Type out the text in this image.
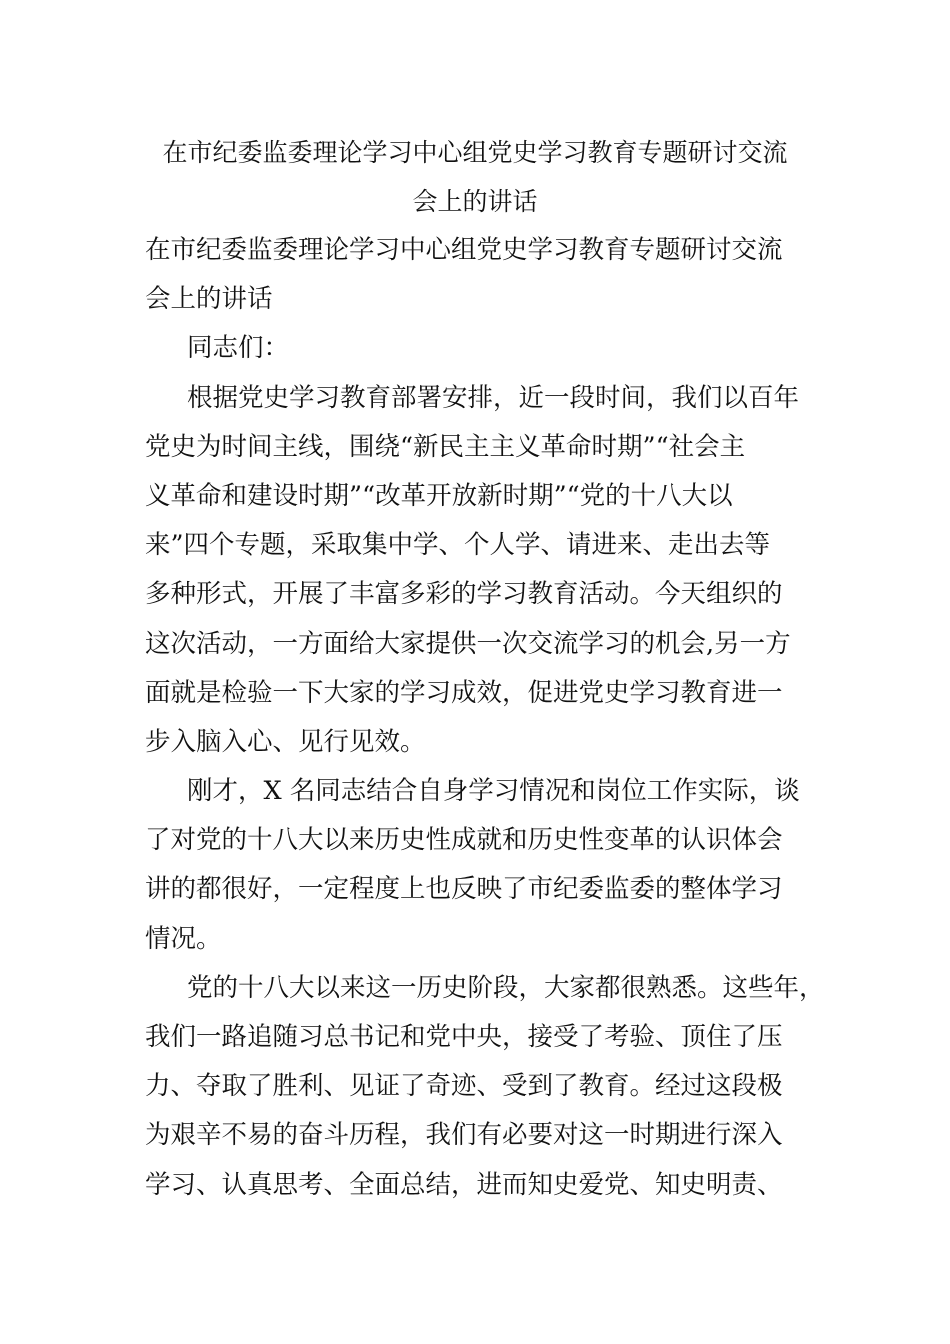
在市纪委监委理论学习中心组党史学习教育专题研讨交流
会上的讲话
在市纪委监委理论学习中心组党史学习教育专题研讨交流
会上的讲话
同志们：
根据党史学习教育部署安排，近一段时间，我们以百年
党史为时间主线，围绕“新民主主义革命时期”“社会主
义革命和建设时期”“改革开放新时期”“党的十八大以
来”四个专题，采取集中学、个人学、请进来、走出去等
多种形式，开展了丰富多彩的学习教育活动。今天组织的
这次活动，一方面给大家提供一次交流学习的机会,另一方
面就是检验一下大家的学习成效，促进党史学习教育进一
步入脑入心、见行见效。
刚才，X 名同志结合自身学习情况和岗位工作实际，谈
了对党的十八大以来历史性成就和历史性变革的认识体会
讲的都很好，一定程度上也反映了市纪委监委的整体学习
情况。
党的十八大以来这一历史阶段，大家都很熟悉。这些年，
我们一路追随习总书记和党中央，接受了考验、顶住了压
力、夺取了胜利、见证了奇迹、受到了教育。经过这段极
为艰辛不易的奋斗历程，我们有必要对这一时期进行深入
学习、认真思考、全面总结，进而知史爱党、知史明责、
